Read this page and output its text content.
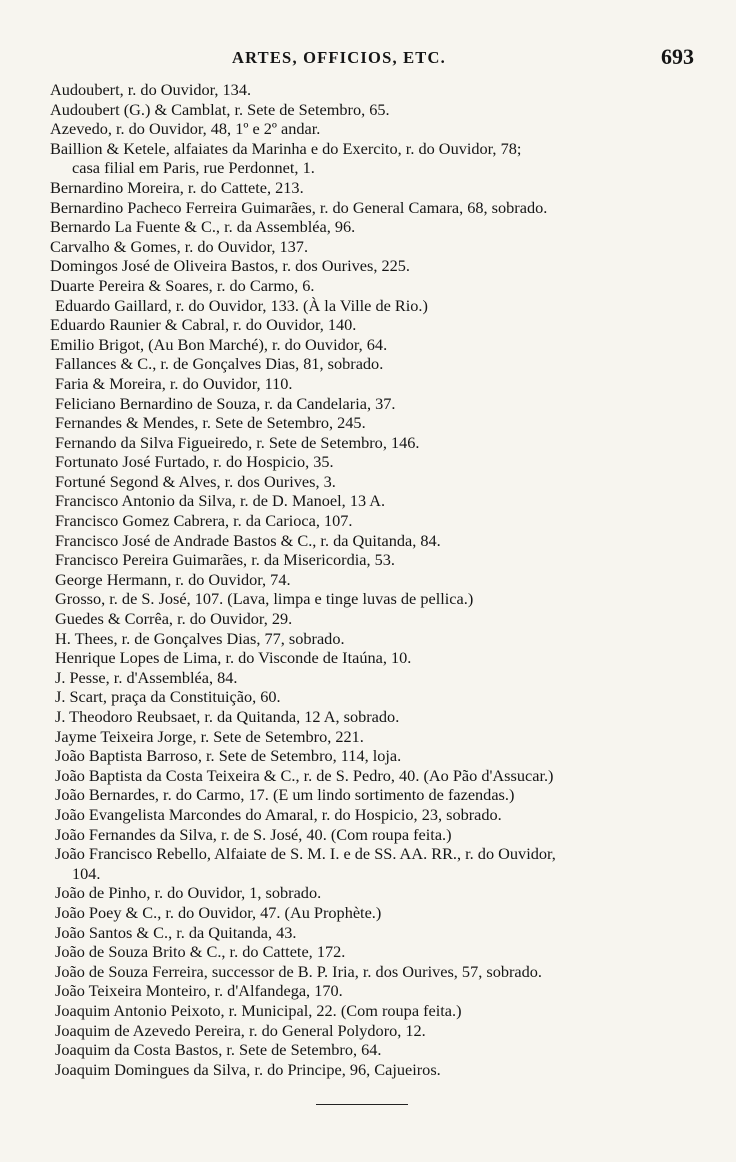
ARTES, OFFICIOS, ETC.	693
Audoubert, r. do Ouvidor, 134.
Audoubert (G.) & Camblat, r. Sete de Setembro, 65.
Azevedo, r. do Ouvidor, 48, 1º e 2º andar.
Baillion & Ketele, alfaiates da Marinha e do Exercito, r. do Ouvidor, 78;
casa filial em Paris, rue Perdonnet, 1.
Bernardino Moreira, r. do Cattete, 213.
Bernardino Pacheco Ferreira Guimarães, r. do General Camara, 68, sobrado.
Bernardo La Fuente & C., r. da Assembléa, 96.
Carvalho & Gomes, r. do Ouvidor, 137.
Domingos José de Oliveira Bastos, r. dos Ourives, 225.
Duarte Pereira & Soares, r. do Carmo, 6.
Eduardo Gaillard, r. do Ouvidor, 133. (À la Ville de Rio.)
Eduardo Raunier & Cabral, r. do Ouvidor, 140.
Emilio Brigot, (Au Bon Marché), r. do Ouvidor, 64.
Fallances & C., r. de Gonçalves Dias, 81, sobrado.
Faria & Moreira, r. do Ouvidor, 110.
Feliciano Bernardino de Souza, r. da Candelaria, 37.
Fernandes & Mendes, r. Sete de Setembro, 245.
Fernando da Silva Figueiredo, r. Sete de Setembro, 146.
Fortunato José Furtado, r. do Hospicio, 35.
Fortuné Segond & Alves, r. dos Ourives, 3.
Francisco Antonio da Silva, r. de D. Manoel, 13 A.
Francisco Gomez Cabrera, r. da Carioca, 107.
Francisco José de Andrade Bastos & C., r. da Quitanda, 84.
Francisco Pereira Guimarães, r. da Misericordia, 53.
George Hermann, r. do Ouvidor, 74.
Grosso, r. de S. José, 107. (Lava, limpa e tinge luvas de pellica.)
Guedes & Corrêa, r. do Ouvidor, 29.
H. Thees, r. de Gonçalves Dias, 77, sobrado.
Henrique Lopes de Lima, r. do Visconde de Itaúna, 10.
J. Pesse, r. d'Assembléa, 84.
J. Scart, praça da Constituição, 60.
J. Theodoro Reubsaet, r. da Quitanda, 12 A, sobrado.
Jayme Teixeira Jorge, r. Sete de Setembro, 221.
João Baptista Barroso, r. Sete de Setembro, 114, loja.
João Baptista da Costa Teixeira & C., r. de S. Pedro, 40. (Ao Pão d'Assucar.)
João Bernardes, r. do Carmo, 17. (E um lindo sortimento de fazendas.)
João Evangelista Marcondes do Amaral, r. do Hospicio, 23, sobrado.
João Fernandes da Silva, r. de S. José, 40. (Com roupa feita.)
João Francisco Rebello, Alfaiate de S. M. I. e de SS. AA. RR., r. do Ouvidor,
104.
João de Pinho, r. do Ouvidor, 1, sobrado.
João Poey & C., r. do Ouvidor, 47. (Au Prophète.)
João Santos & C., r. da Quitanda, 43.
João de Souza Brito & C., r. do Cattete, 172.
João de Souza Ferreira, successor de B. P. Iria, r. dos Ourives, 57, sobrado.
João Teixeira Monteiro, r. d'Alfandega, 170.
Joaquim Antonio Peixoto, r. Municipal, 22. (Com roupa feita.)
Joaquim de Azevedo Pereira, r. do General Polydoro, 12.
Joaquim da Costa Bastos, r. Sete de Setembro, 64.
Joaquim Domingues da Silva, r. do Principe, 96, Cajueiros.
